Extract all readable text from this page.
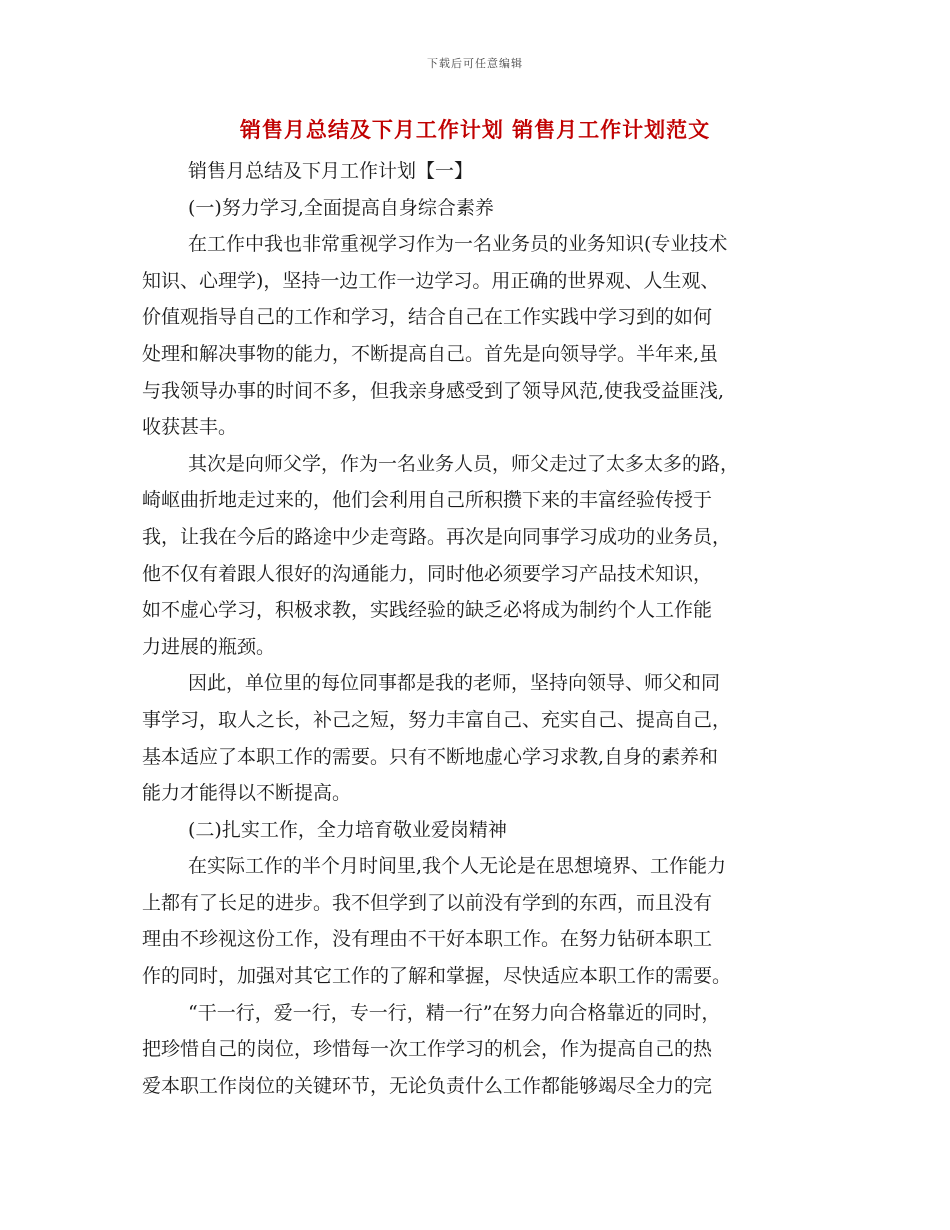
下载后可任意编辑
销售月总结及下月工作计划 销售月工作计划范文
销售月总结及下月工作计划【一】
(一)努力学习,全面提高自身综合素养
在工作中我也非常重视学习作为一名业务员的业务知识(专业技术
知识、心理学)，坚持一边工作一边学习。用正确的世界观、人生观、
价值观指导自己的工作和学习，结合自己在工作实践中学习到的如何
处理和解决事物的能力，不断提高自己。首先是向领导学。半年来,虽
与我领导办事的时间不多，但我亲身感受到了领导风范,使我受益匪浅,
收获甚丰。
其次是向师父学，作为一名业务人员，师父走过了太多太多的路，
崎岖曲折地走过来的，他们会利用自己所积攒下来的丰富经验传授于
我，让我在今后的路途中少走弯路。再次是向同事学习成功的业务员，
他不仅有着跟人很好的沟通能力，同时他必须要学习产品技术知识，
如不虚心学习，积极求教，实践经验的缺乏必将成为制约个人工作能
力进展的瓶颈。
因此，单位里的每位同事都是我的老师，坚持向领导、师父和同
事学习，取人之长，补己之短，努力丰富自己、充实自己、提高自己，
基本适应了本职工作的需要。只有不断地虚心学习求教,自身的素养和
能力才能得以不断提高。
(二)扎实工作，全力培育敬业爱岗精神
在实际工作的半个月时间里,我个人无论是在思想境界、工作能力
上都有了长足的进步。我不但学到了以前没有学到的东西，而且没有
理由不珍视这份工作，没有理由不干好本职工作。在努力钻研本职工
作的同时，加强对其它工作的了解和掌握，尽快适应本职工作的需要。
“干一行，爱一行，专一行，精一行”在努力向合格靠近的同时，
把珍惜自己的岗位，珍惜每一次工作学习的机会，作为提高自己的热
爱本职工作岗位的关键环节，无论负责什么工作都能够竭尽全力的完
